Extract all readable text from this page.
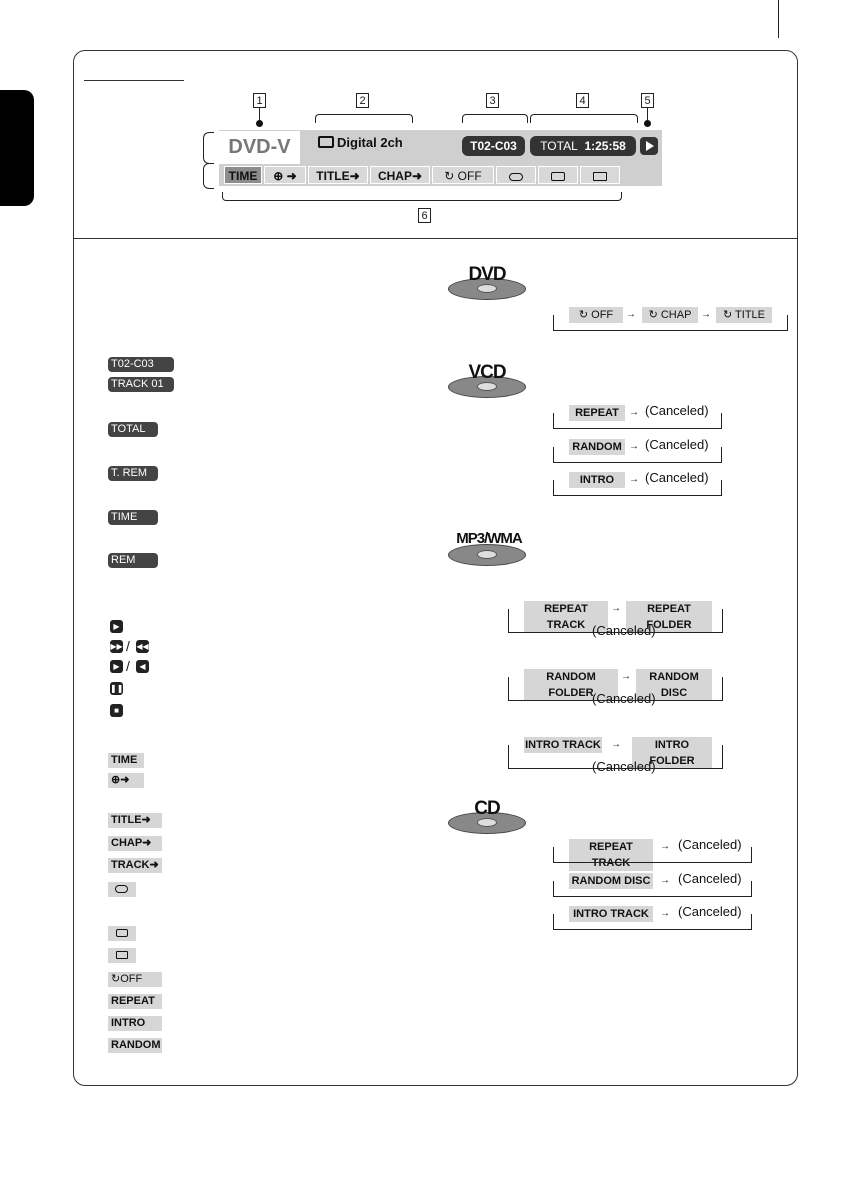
1	2	3	4	5
6
DVD-V	Digital 2ch	T02-C03	TOTAL 1:25:58
TIME	⊕ ➜	TITLE➜	CHAP➜	↻ OFF
T02-C03
TRACK 01
TOTAL
T. REM
TIME
REM
▶
▶▶ / ◀◀
▶ /	◀
❚❚
■
TIME
⊕➜
TITLE➜
CHAP➜
TRACK➜
↻OFF
REPEAT
INTRO
RANDOM
DVD
↻ OFF	→	↻ CHAP →	↻ TITLE
VCD
REPEAT	→ (Canceled)
RANDOM → (Canceled)
INTRO	→ (Canceled)
MP3/WMA
REPEAT TRACK
→	REPEAT FOLDER
(Canceled)
RANDOM FOLDER
→	RANDOM DISC
(Canceled)
INTRO TRACK →	INTRO FOLDER
(Canceled)
CD
REPEAT TRACK
→ (Canceled)
RANDOM DISC → (Canceled)
INTRO TRACK	→ (Canceled)
